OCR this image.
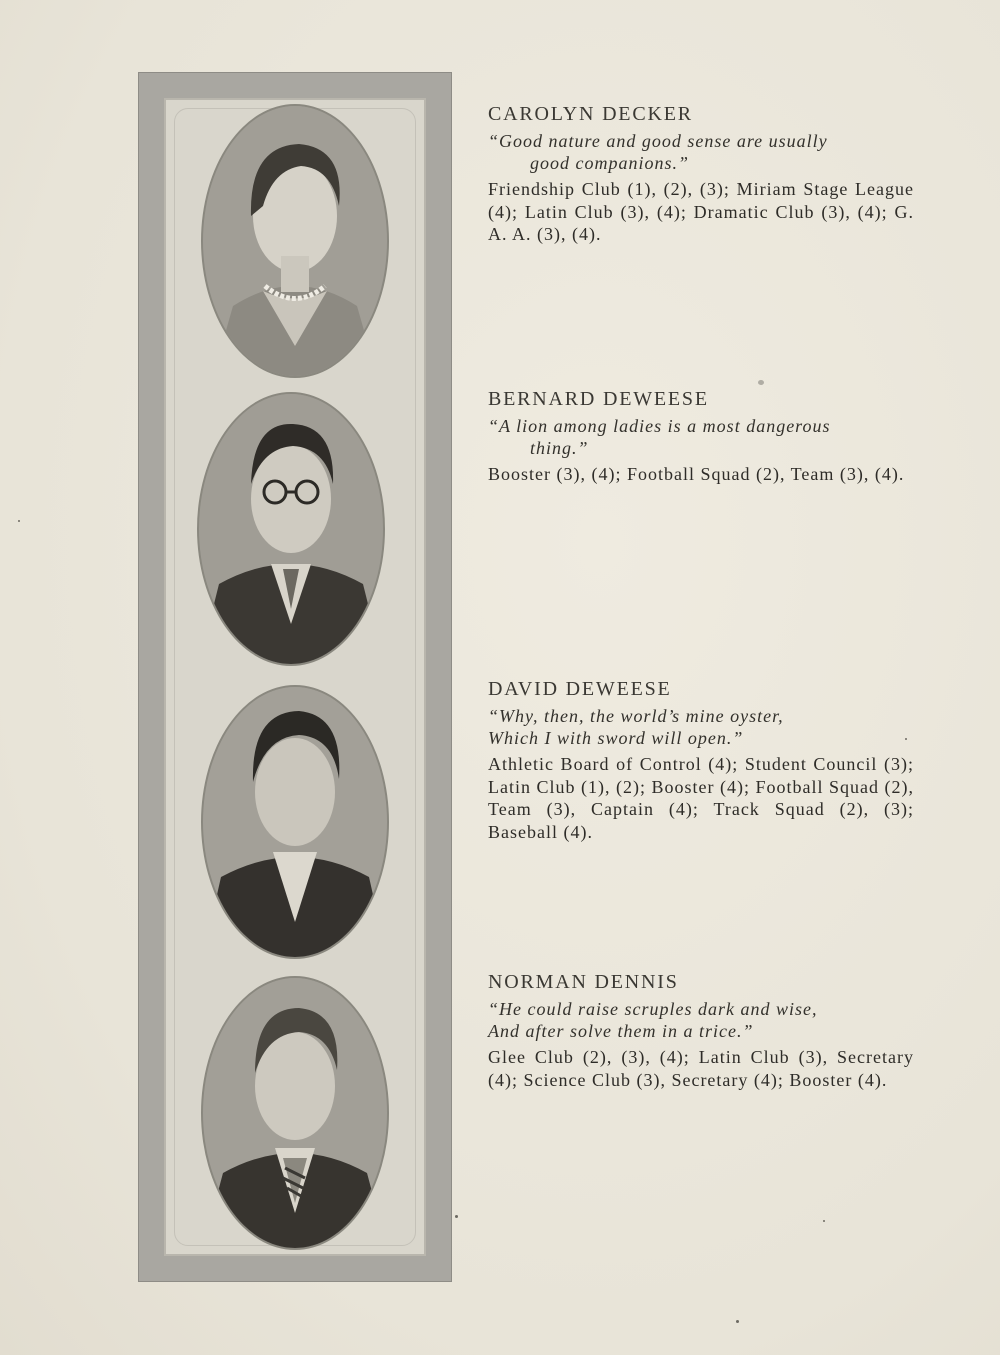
CAROLYN DECKER
“Good nature and good sense are usually
good companions.”

Friendship Club (1), (2), (3); Miriam Stage League (4); Latin Club (3), (4); Dramatic Club (3), (4); G. A. A. (3), (4).

BERNARD DEWEESE
“A lion among ladies is a most dangerous
thing.”

Booster (3), (4); Football Squad (2), Team (3), (4).

DAVID DEWEESE
“Why, then, the world’s mine oyster,
Which I with sword will open.”

Athletic Board of Control (4); Student Council (3); Latin Club (1), (2); Booster (4); Football Squad (2), Team (3), Captain (4); Track Squad (2), (3); Baseball (4).

NORMAN DENNIS
“He could raise scruples dark and wise,
And after solve them in a trice.”

Glee Club (2), (3), (4); Latin Club (3), Secretary (4); Science Club (3), Secretary (4); Booster (4).
